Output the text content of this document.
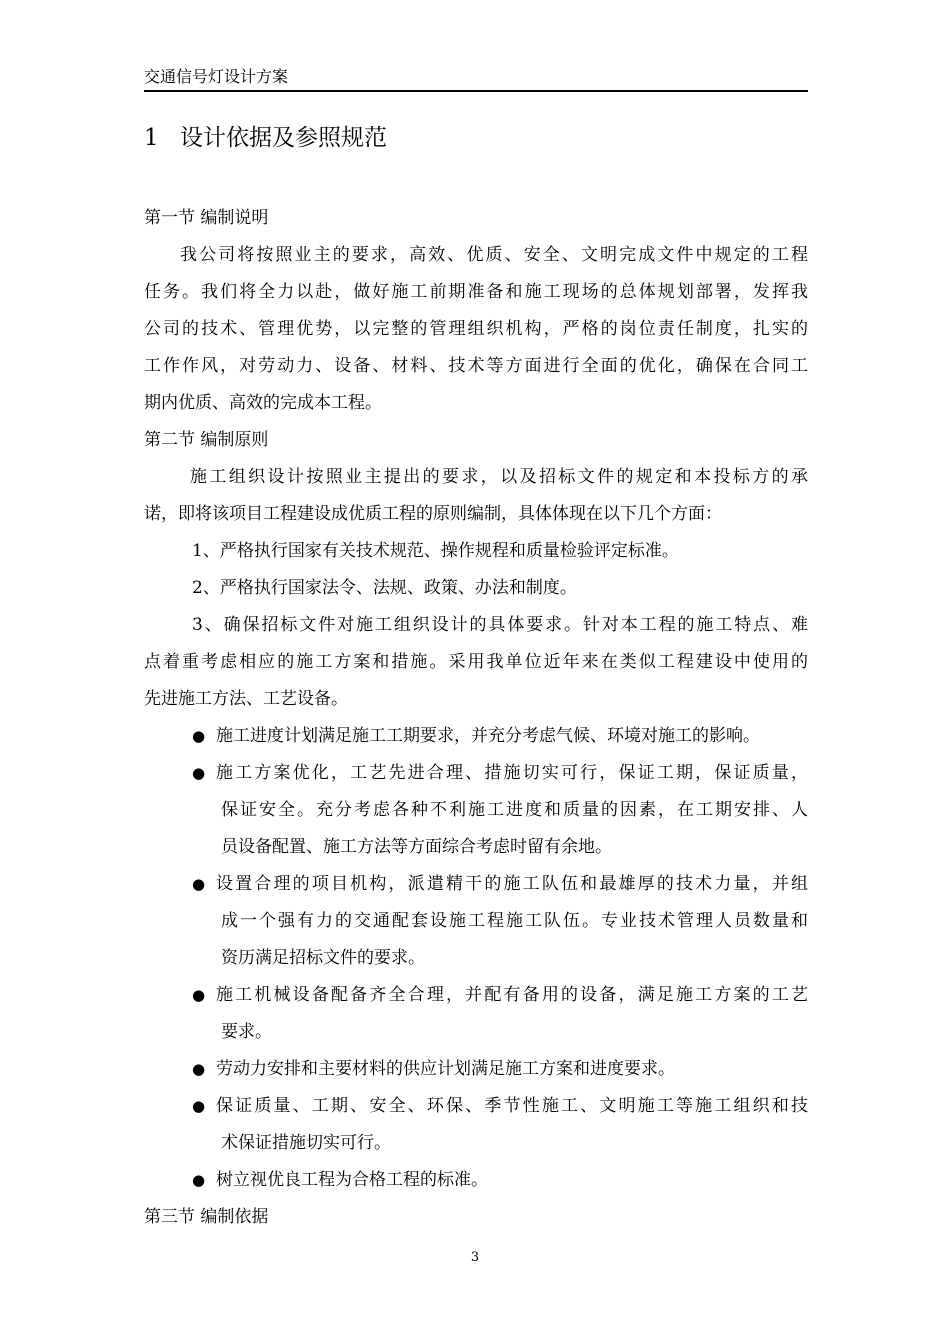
交通信号灯设计方案
1 设计依据及参照规范
第一节 编制说明
我公司将按照业主的要求，高效、优质、安全、文明完成文件中规定的工程
任务。我们将全力以赴，做好施工前期准备和施工现场的总体规划部署，发挥我
公司的技术、管理优势，以完整的管理组织机构，严格的岗位责任制度，扎实的
工作作风，对劳动力、设备、材料、技术等方面进行全面的优化，确保在合同工
期内优质、高效的完成本工程。
第二节 编制原则
施工组织设计按照业主提出的要求，以及招标文件的规定和本投标方的承
诺，即将该项目工程建设成优质工程的原则编制，具体体现在以下几个方面：
1、严格执行国家有关技术规范、操作规程和质量检验评定标准。
2、严格执行国家法令、法规、政策、办法和制度。
3、确保招标文件对施工组织设计的具体要求。针对本工程的施工特点、难
点着重考虑相应的施工方案和措施。采用我单位近年来在类似工程建设中使用的
先进施工方法、工艺设备。
● 施工进度计划满足施工工期要求，并充分考虑气候、环境对施工的影响。
● 施工方案优化，工艺先进合理、措施切实可行，保证工期，保证质量，
保证安全。充分考虑各种不利施工进度和质量的因素，在工期安排、人
员设备配置、施工方法等方面综合考虑时留有余地。
● 设置合理的项目机构，派遣精干的施工队伍和最雄厚的技术力量，并组
成一个强有力的交通配套设施工程施工队伍。专业技术管理人员数量和
资历满足招标文件的要求。
● 施工机械设备配备齐全合理，并配有备用的设备，满足施工方案的工艺
要求。
● 劳动力安排和主要材料的供应计划满足施工方案和进度要求。
● 保证质量、工期、安全、环保、季节性施工、文明施工等施工组织和技
术保证措施切实可行。
● 树立视优良工程为合格工程的标准。
第三节 编制依据
3
